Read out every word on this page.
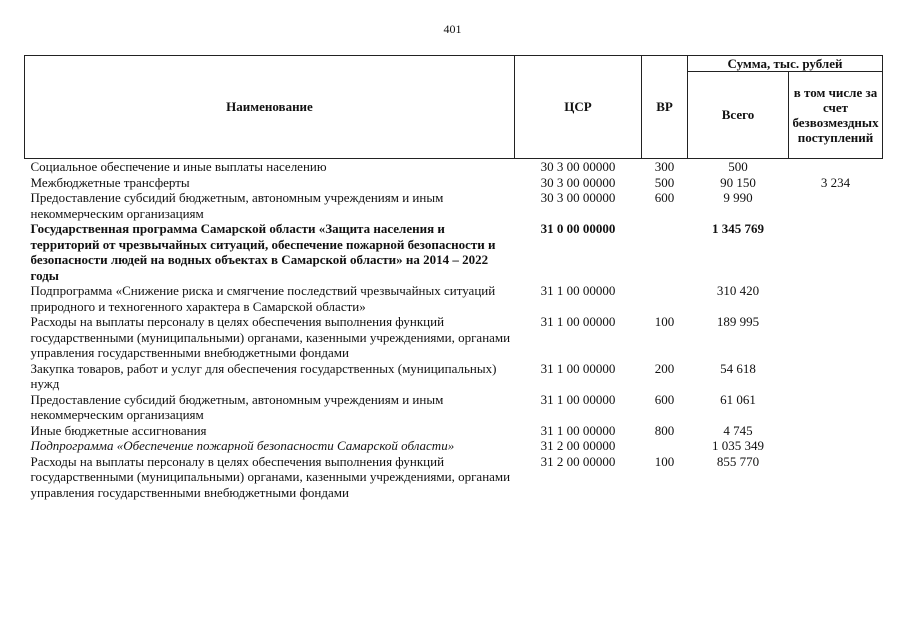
401
Наименование	ЦСР	ВР	Сумма, тыс. рублей	
			Всего	в том числе за счет безвозмездных поступлений
Социальное обеспечение и иные выплаты населению	30 3 00 00000	300	500	
Межбюджетные трансферты	30 3 00 00000	500	90 150	3 234
Предоставление субсидий бюджетным, автономным учреждениям и иным некоммерческим организациям	30 3 00 00000	600	9 990	
Государственная программа Самарской области «Защита населения и территорий от чрезвычайных ситуаций, обеспечение пожарной безопасности и безопасности людей на водных объектах в Самарской области» на 2014 – 2022 годы	31 0 00 00000		1 345 769	
Подпрограмма «Снижение риска и смягчение последствий чрезвычайных ситуаций природного и техногенного характера в Самарской области»	31 1 00 00000		310 420	
Расходы на выплаты персоналу в целях обеспечения выполнения функций государственными (муниципальными) органами, казенными учреждениями, органами управления государственными внебюджетными фондами	31 1 00 00000	100	189 995	
Закупка товаров, работ и услуг для обеспечения государственных (муниципальных) нужд	31 1 00 00000	200	54 618	
Предоставление субсидий бюджетным, автономным учреждениям и иным некоммерческим организациям	31 1 00 00000	600	61 061	
Иные бюджетные ассигнования	31 1 00 00000	800	4 745	
Подпрограмма «Обеспечение пожарной безопасности Самарской области»	31 2 00 00000		1 035 349	
Расходы на выплаты персоналу в целях обеспечения выполнения функций государственными (муниципальными) органами, казенными учреждениями, органами управления государственными внебюджетными фондами	31 2 00 00000	100	855 770	
